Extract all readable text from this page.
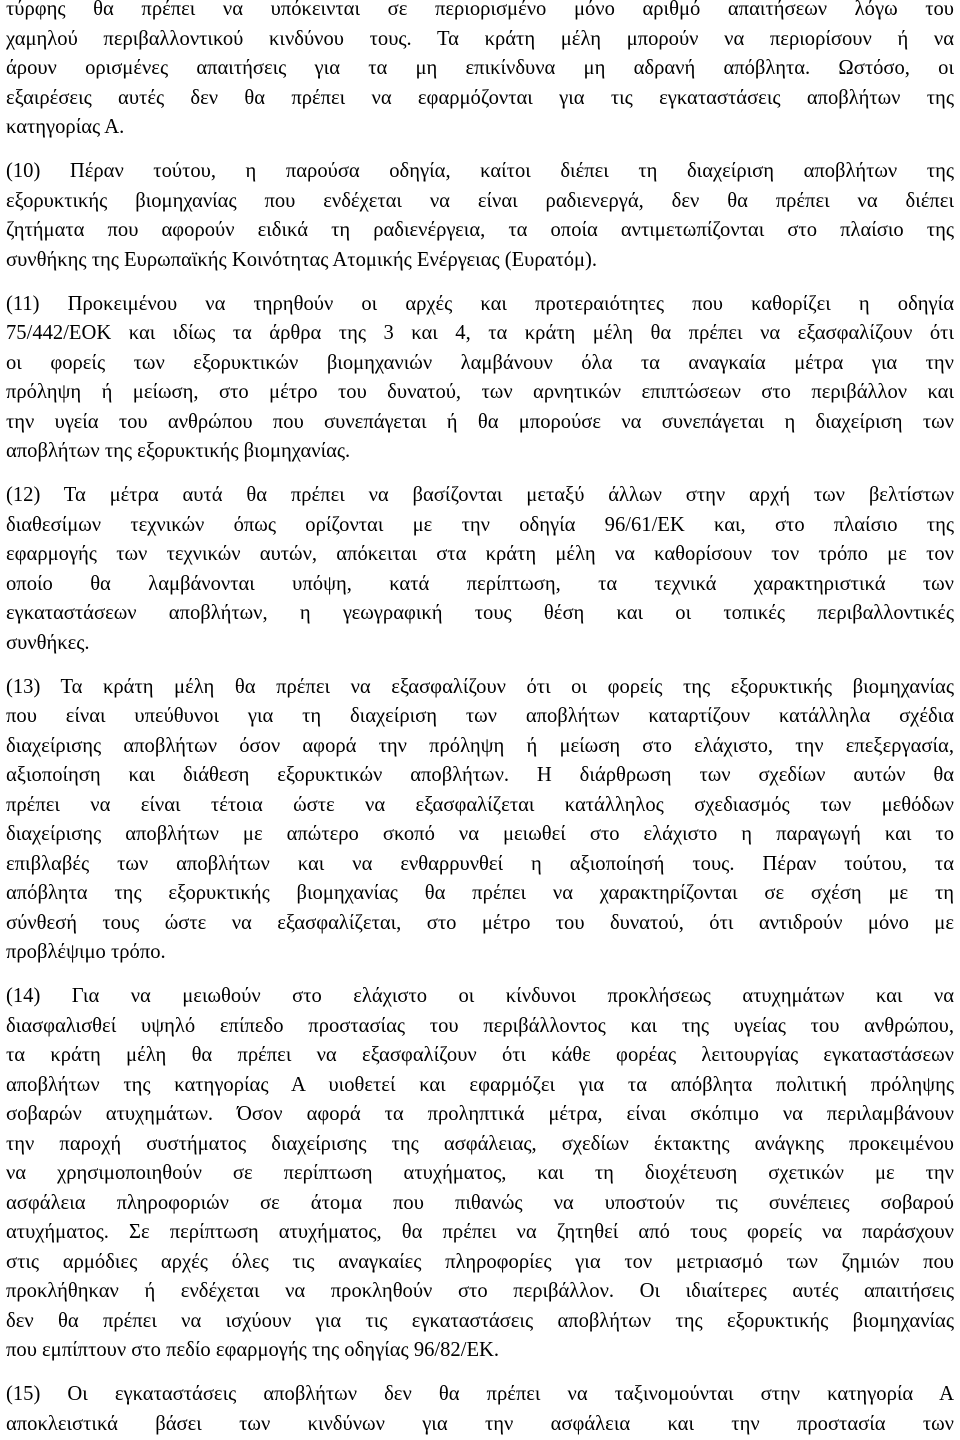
τύρφης θα πρέπει να υπόκεινται σε περιορισμένο μόνο αριθμό απαιτήσεων λόγω του
χαμηλού περιβαλλοντικού κινδύνου τους. Τα κράτη μέλη μπορούν να περιορίσουν ή να
άρουν ορισμένες απαιτήσεις για τα μη επικίνδυνα μη αδρανή απόβλητα. Ωστόσο, οι
εξαιρέσεις αυτές δεν θα πρέπει να εφαρμόζονται για τις εγκαταστάσεις αποβλήτων της
κατηγορίας Α.
(10) Πέραν τούτου, η παρούσα οδηγία, καίτοι διέπει τη διαχείριση αποβλήτων της
εξορυκτικής βιομηχανίας που ενδέχεται να είναι ραδιενεργά, δεν θα πρέπει να διέπει
ζητήματα που αφορούν ειδικά τη ραδιενέργεια, τα οποία αντιμετωπίζονται στο πλαίσιο της
συνθήκης της Ευρωπαϊκής Κοινότητας Ατομικής Ενέργειας (Ευρατόμ).
(11) Προκειμένου να τηρηθούν οι αρχές και προτεραιότητες που καθορίζει η οδηγία
75/442/ΕΟΚ και ιδίως τα άρθρα της 3 και 4, τα κράτη μέλη θα πρέπει να εξασφαλίζουν ότι
οι φορείς των εξορυκτικών βιομηχανιών λαμβάνουν όλα τα αναγκαία μέτρα για την
πρόληψη ή μείωση, στο μέτρο του δυνατού, των αρνητικών επιπτώσεων στο περιβάλλον και
την υγεία του ανθρώπου που συνεπάγεται ή θα μπορούσε να συνεπάγεται η διαχείριση των
αποβλήτων της εξορυκτικής βιομηχανίας.
(12) Τα μέτρα αυτά θα πρέπει να βασίζονται μεταξύ άλλων στην αρχή των βελτίστων
διαθεσίμων τεχνικών όπως ορίζονται με την οδηγία 96/61/ΕΚ και, στο πλαίσιο της
εφαρμογής των τεχνικών αυτών, απόκειται στα κράτη μέλη να καθορίσουν τον τρόπο με τον
οποίο θα λαμβάνονται υπόψη, κατά περίπτωση, τα τεχνικά χαρακτηριστικά των
εγκαταστάσεων αποβλήτων, η γεωγραφική τους θέση και οι τοπικές περιβαλλοντικές
συνθήκες.
(13) Τα κράτη μέλη θα πρέπει να εξασφαλίζουν ότι οι φορείς της εξορυκτικής βιομηχανίας
που είναι υπεύθυνοι για τη διαχείριση των αποβλήτων καταρτίζουν κατάλληλα σχέδια
διαχείρισης αποβλήτων όσον αφορά την πρόληψη ή μείωση στο ελάχιστο, την επεξεργασία,
αξιοποίηση και διάθεση εξορυκτικών αποβλήτων. Η διάρθρωση των σχεδίων αυτών θα
πρέπει να είναι τέτοια ώστε να εξασφαλίζεται κατάλληλος σχεδιασμός των μεθόδων
διαχείρισης αποβλήτων με απώτερο σκοπό να μειωθεί στο ελάχιστο η παραγωγή και το
επιβλαβές των αποβλήτων και να ενθαρρυνθεί η αξιοποίησή τους. Πέραν τούτου, τα
απόβλητα της εξορυκτικής βιομηχανίας θα πρέπει να χαρακτηρίζονται σε σχέση με τη
σύνθεσή τους ώστε να εξασφαλίζεται, στο μέτρο του δυνατού, ότι αντιδρούν μόνο με
προβλέψιμο τρόπο.
(14) Για να μειωθούν στο ελάχιστο οι κίνδυνοι προκλήσεως ατυχημάτων και να
διασφαλισθεί υψηλό επίπεδο προστασίας του περιβάλλοντος και της υγείας του ανθρώπου,
τα κράτη μέλη θα πρέπει να εξασφαλίζουν ότι κάθε φορέας λειτουργίας εγκαταστάσεων
αποβλήτων της κατηγορίας Α υιοθετεί και εφαρμόζει για τα απόβλητα πολιτική πρόληψης
σοβαρών ατυχημάτων. Όσον αφορά τα προληπτικά μέτρα, είναι σκόπιμο να περιλαμβάνουν
την παροχή συστήματος διαχείρισης της ασφάλειας, σχεδίων έκτακτης ανάγκης προκειμένου
να χρησιμοποιηθούν σε περίπτωση ατυχήματος, και τη διοχέτευση σχετικών με την
ασφάλεια πληροφοριών σε άτομα που πιθανώς να υποστούν τις συνέπειες σοβαρού
ατυχήματος. Σε περίπτωση ατυχήματος, θα πρέπει να ζητηθεί από τους φορείς να παράσχουν
στις αρμόδιες αρχές όλες τις αναγκαίες πληροφορίες για τον μετριασμό των ζημιών που
προκλήθηκαν ή ενδέχεται να προκληθούν στο περιβάλλον. Οι ιδιαίτερες αυτές απαιτήσεις
δεν θα πρέπει να ισχύουν για τις εγκαταστάσεις αποβλήτων της εξορυκτικής βιομηχανίας
που εμπίπτουν στο πεδίο εφαρμογής της οδηγίας 96/82/ΕΚ.
(15) Οι εγκαταστάσεις αποβλήτων δεν θα πρέπει να ταξινομούνται στην κατηγορία Α
αποκλειστικά βάσει των κινδύνων για την ασφάλεια και την προστασία των
